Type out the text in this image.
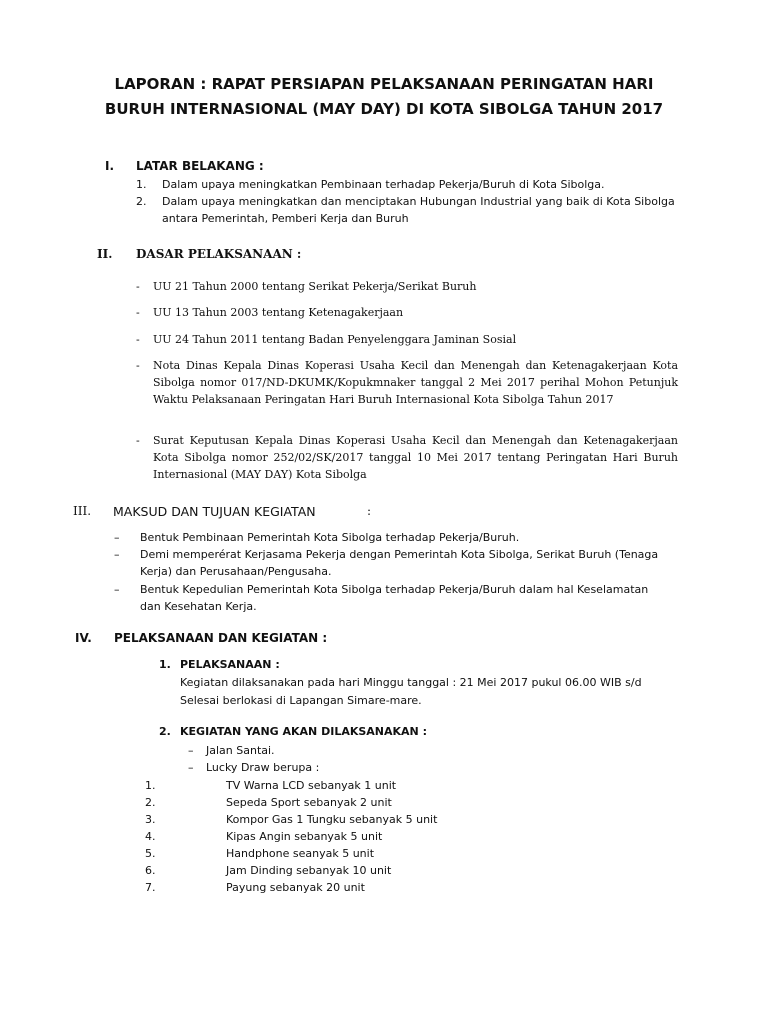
LAPORAN : RAPAT PERSIAPAN PELAKSANAAN PERINGATAN HARI BURUH INTERNASIONAL (MAY DAY) DI KOTA SIBOLGA TAHUN 2017
I. LATAR BELAKANG :
1. Dalam upaya meningkatkan Pembinaan terhadap Pekerja/Buruh di Kota Sibolga.
2. Dalam upaya meningkatkan dan menciptakan Hubungan Industrial yang baik di Kota Sibolga antara Pemerintah, Pemberi Kerja dan Buruh
II. DASAR PELAKSANAAN :
- UU 21 Tahun 2000 tentang Serikat Pekerja/Serikat Buruh
- UU 13 Tahun 2003 tentang Ketenagakerjaan
- UU 24 Tahun 2011 tentang Badan Penyelenggara Jaminan Sosial
- Nota Dinas Kepala Dinas Koperasi Usaha Kecil dan Menengah dan Ketenagakerjaan Kota Sibolga nomor 017/ND-DKUMK/Kopukmnaker tanggal 2 Mei 2017 perihal Mohon Petunjuk Waktu Pelaksanaan Peringatan Hari Buruh Internasional Kota Sibolga Tahun 2017
- Surat Keputusan Kepala Dinas Koperasi Usaha Kecil dan Menengah dan Ketenagakerjaan Kota Sibolga nomor 252/02/SK/2017 tanggal 10 Mei 2017 tentang Peringatan Hari Buruh Internasional (MAY DAY) Kota Sibolga
III. MAKSUD DAN TUJUAN KEGIATAN	:
– Bentuk Pembinaan Pemerintah Kota Sibolga terhadap Pekerja/Buruh.
– Demi memperérat Kerjasama Pekerja dengan Pemerintah Kota Sibolga, Serikat Buruh (Tenaga Kerja) dan Perusahaan/Pengusaha.
– Bentuk Kepedulian Pemerintah Kota Sibolga terhadap Pekerja/Buruh dalam hal Keselamatan dan Kesehatan Kerja.
IV. PELAKSANAAN DAN KEGIATAN :
1. PELAKSANAAN :
Kegiatan dilaksanakan pada hari Minggu tanggal : 21 Mei 2017 pukul 06.00 WIB s/d Selesai berlokasi di Lapangan Simare-mare.
2. KEGIATAN YANG AKAN DILAKSANAKAN :
– Jalan Santai.
– Lucky Draw berupa :
1.	TV Warna LCD sebanyak 1 unit
2.	Sepeda Sport sebanyak 2 unit
3.	Kompor Gas 1 Tungku sebanyak 5 unit
4.	Kipas Angin sebanyak 5 unit
5.	Handphone seanyak 5 unit
6.	Jam Dinding sebanyak 10 unit
7.	Payung sebanyak 20 unit
